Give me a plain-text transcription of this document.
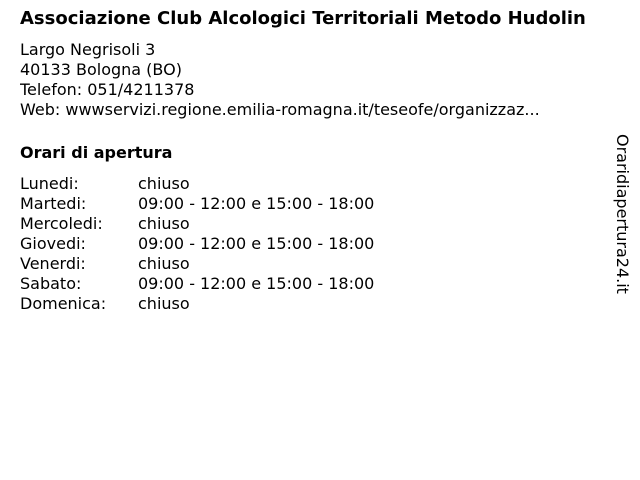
Associazione Club Alcologici Territoriali Metodo Hudolin
Largo Negrisoli 3
40133 Bologna (BO)
Telefon: 051/4211378
Web: wwwservizi.regione.emilia-romagna.it/teseofe/organizzaz...
Orari di apertura
Lunedi:	chiuso
Martedi:	09:00 - 12:00 e 15:00 - 18:00
Mercoledi:	chiuso
Giovedi:	09:00 - 12:00 e 15:00 - 18:00
Venerdi:	chiuso
Sabato:	09:00 - 12:00 e 15:00 - 18:00
Domenica:	chiuso
Oraridiapertura24.it
